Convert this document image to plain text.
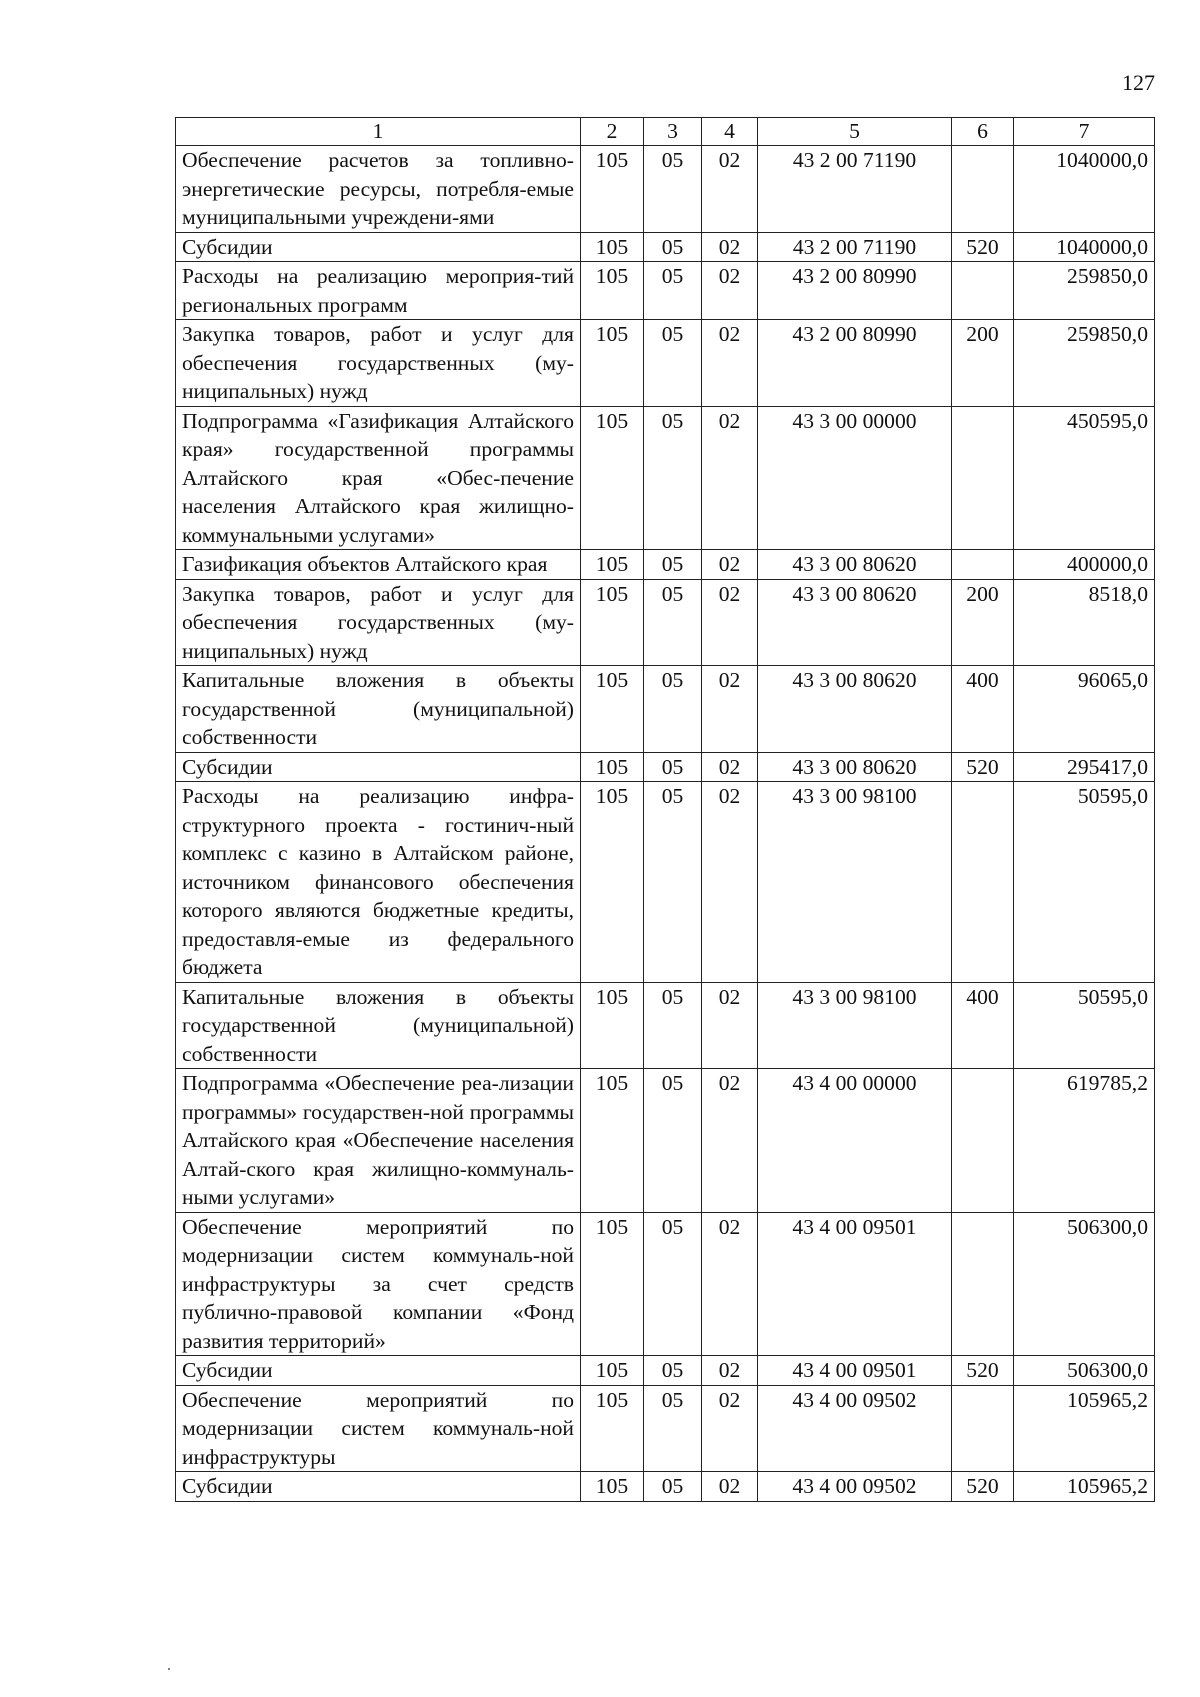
127
1	2	3	4	5	6	7
Обеспечение расчетов за топливно-энергетические ресурсы, потребля-емые муниципальными учреждени-ями	105	05	02	43 2 00 71190		1040000,0
Субсидии	105	05	02	43 2 00 71190	520	1040000,0
Расходы на реализацию мероприя-тий региональных программ	105	05	02	43 2 00 80990		259850,0
Закупка товаров, работ и услуг для обеспечения государственных (му-ниципальных) нужд	105	05	02	43 2 00 80990	200	259850,0
Подпрограмма «Газификация Алтайского края» государственной программы Алтайского края «Обес-печение населения Алтайского края жилищно-коммунальными услугами»	105	05	02	43 3 00 00000		450595,0
Газификация объектов Алтайского края	105	05	02	43 3 00 80620		400000,0
Закупка товаров, работ и услуг для обеспечения государственных (му-ниципальных) нужд	105	05	02	43 3 00 80620	200	8518,0
Капитальные вложения в объекты государственной (муниципальной) собственности	105	05	02	43 3 00 80620	400	96065,0
Субсидии	105	05	02	43 3 00 80620	520	295417,0
Расходы на реализацию инфра-структурного проекта - гостинич-ный комплекс с казино в Алтайском районе, источником финансового обеспечения которого являются бюджетные кредиты, предоставля-емые из федерального бюджета	105	05	02	43 3 00 98100		50595,0
Капитальные вложения в объекты государственной (муниципальной) собственности	105	05	02	43 3 00 98100	400	50595,0
Подпрограмма «Обеспечение реа-лизации программы» государствен-ной программы Алтайского края «Обеспечение населения Алтай-ского края жилищно-коммуналь-ными услугами»	105	05	02	43 4 00 00000		619785,2
Обеспечение мероприятий по модернизации систем коммуналь-ной инфраструктуры за счет средств публично-правовой компании «Фонд развития территорий»	105	05	02	43 4 00 09501		506300,0
Субсидии	105	05	02	43 4 00 09501	520	506300,0
Обеспечение мероприятий по модернизации систем коммуналь-ной инфраструктуры	105	05	02	43 4 00 09502		105965,2
Субсидии	105	05	02	43 4 00 09502	520	105965,2
